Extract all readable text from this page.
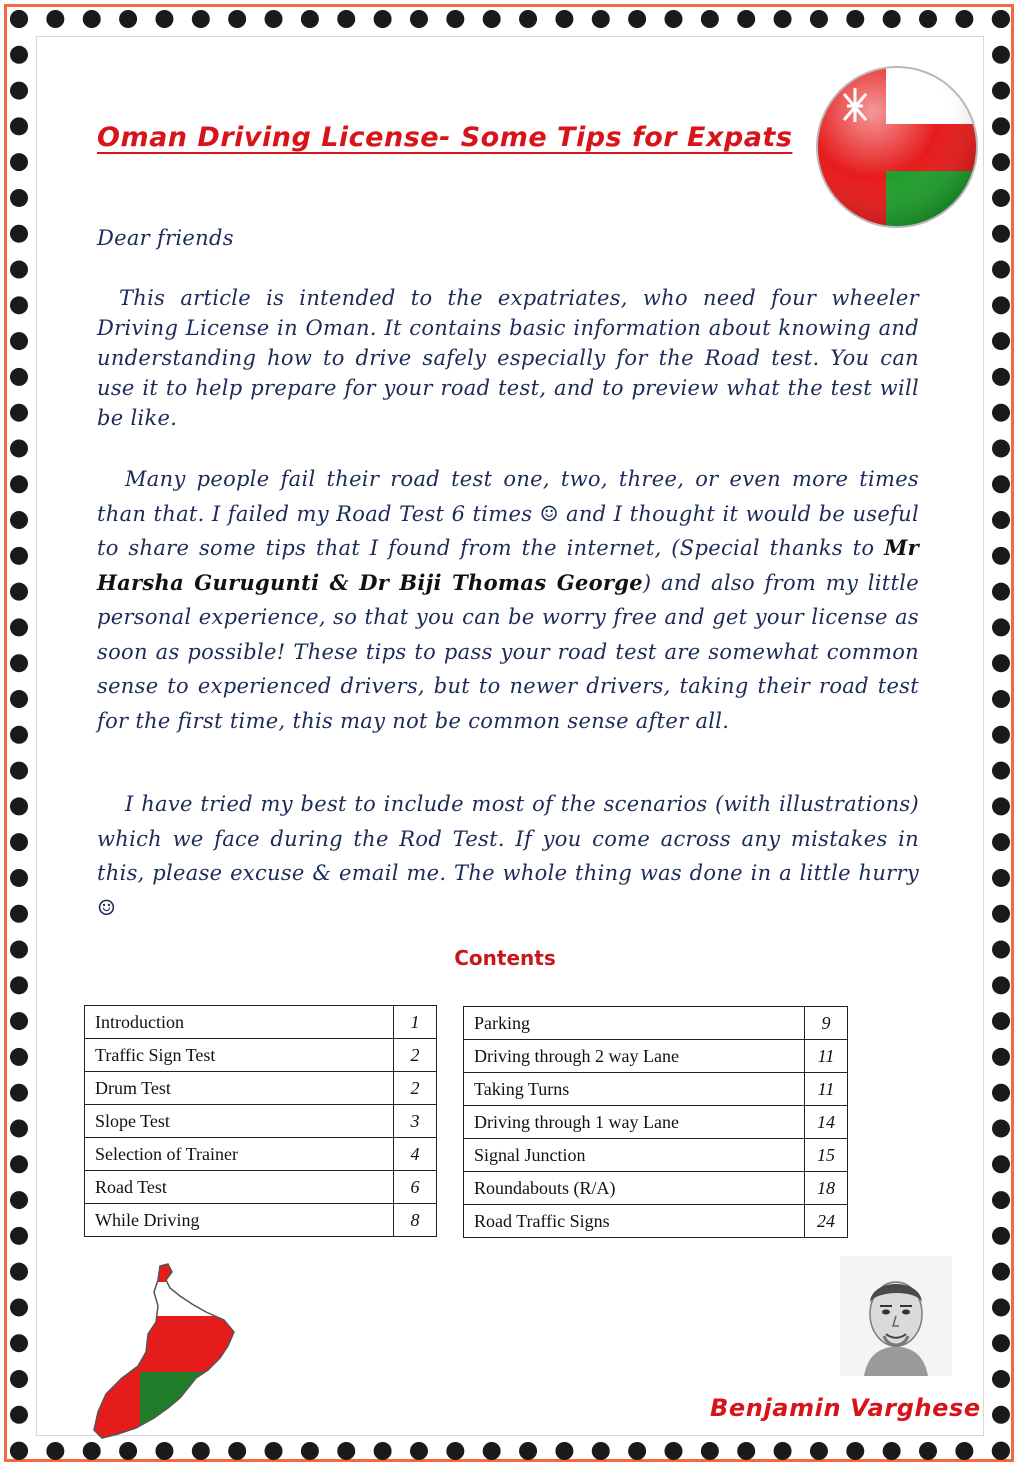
Oman Driving License- Some Tips for Expats

Dear friends

This article is intended to the expatriates, who need four wheeler Driving License in Oman. It contains basic information about knowing and understanding how to drive safely especially for the Road test. You can use it to help prepare for your road test, and to preview what the test will be like.

Many people fail their road test one, two, three, or even more times than that. I failed my Road Test 6 times ☺ and I thought it would be useful to share some tips that I found from the internet, (Special thanks to Mr Harsha Gurugunti & Dr Biji Thomas George) and also from my little personal experience, so that you can be worry free and get your license as soon as possible! These tips to pass your road test are somewhat common sense to experienced drivers, but to newer drivers, taking their road test for the first time, this may not be common sense after all.

I have tried my best to include most of the scenarios (with illustrations) which we face during the Rod Test. If you come across any mistakes in this, please excuse & email me. The whole thing was done in a little hurry ☺

Contents
Introduction	1
Traffic Sign Test	2
Drum Test	2
Slope Test	3
Selection of Trainer	4
Road Test	6
While Driving	8
Parking	9
Driving through 2 way Lane	11
Taking Turns	11
Driving through 1 way Lane	14
Signal Junction	15
Roundabouts (R/A)	18
Road Traffic Signs	24

Benjamin Varghese
